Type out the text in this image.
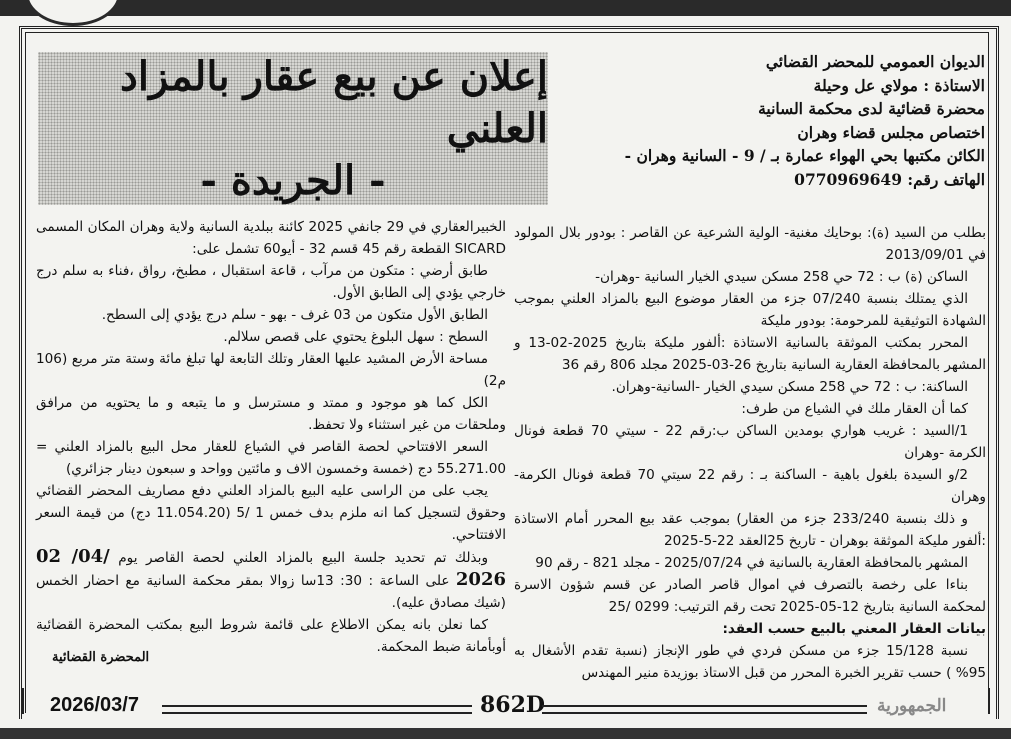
إعلان عن بيع عقار بالمزاد العلني
- الجريدة -
الديوان العمومي للمحضر القضائي
الاستاذة : مولاي عل وحيلة
محضرة قضائية لدى محكمة السانية
اختصاص مجلس قضاء وهران
الكائن مكتبها بحي الهواء عمارة بـ / 9 - السانية وهران -
الهاتف رقم: 0770969649

بطلب من السيد (ة): بوحايك مغنية- الولية الشرعية عن القاصر : بودور بلال المولود في 2013/09/01

الساكن (ة) ب : 72 حي 258 مسكن سيدي الخيار السانية -وهران-

الذي يمتلك بنسبة 07/240 جزء من العقار موضوع البيع بالمزاد العلني بموجب الشهادة التوثيقية للمرحومة: بودور مليكة

المحرر بمكتب الموثقة بالسانية الاستاذة :ألفور مليكة بتاريخ 2025-02-13 و المشهر بالمحافظة العقارية السانية بتاريخ 26-03-2025 مجلد 806 رقم 36

الساكنة: ب : 72 حي 258 مسكن سيدي الخيار -السانية-وهران.

كما أن العقار ملك في الشياع من طرف:

1/السيد : غريب هواري بومدين الساكن ب:رقم 22 - سيتي 70 قطعة فونال الكرمة -وهران

2/و السيدة بلغول باهية - الساكنة بـ : رقم 22 سيتي 70 قطعة فونال الكرمة- وهران

و ذلك بنسبة 233/240 جزء من العقار) بموجب عقد بيع المحرر أمام الاستاذة :ألفور مليكة الموثقة بوهران - تاريخ 25العقد 22-5-2025

المشهر بالمحافظة العقارية بالسانية في 2025/07/24 - مجلد 821 - رقم 90

بناءا على رخصة بالتصرف في اموال قاصر الصادر عن قسم شؤون الاسرة لمحكمة السانية بتاريخ 12-05-2025 تحت رقم الترتيب: 0299 /25

بيانات العقار المعني بالبيع حسب العقد:

نسبة 15/128 جزء من مسكن فردي في طور الإنجاز (نسبة تقدم الأشغال به 95% ) حسب تقرير الخبرة المحرر من قبل الاستاذ بوزيدة منير المهندس

الخبيرالعقاري في 29 جانفي 2025 كائنة ببلدية السانية ولاية وهران المكان المسمى SICARD القطعة رقم 45 قسم 32 - أيو60 تشمل على:

طابق أرضي : متكون من مرآب ، قاعة استقبال ، مطبخ، رواق ،فناء به سلم درج خارجي يؤدي إلى الطابق الأول.

الطابق الأول متكون من 03 غرف - بهو - سلم درج يؤدي إلى السطح.

السطح : سهل البلوغ يحتوي على قصص سلالم.

مساحة الأرض المشيد عليها العقار وتلك التابعة لها تبلغ مائة وستة متر مربع (106 م2)

الكل كما هو موجود و ممتد و مسترسل و ما يتبعه و ما يحتويه من مرافق وملحقات من غير استثناء ولا تحفظ.

السعر الافتتاحي لحصة القاصر في الشياع للعقار محل البيع بالمزاد العلني = 55.271.00 دج (خمسة وخمسون الاف و مائتين وواحد و سبعون دينار جزائري)

يجب على من الراسى عليه البيع بالمزاد العلني دفع مصاريف المحضر القضائي وحقوق لتسجيل كما انه ملزم بدف خمس 1 /5 (11.054.20 دج) من قيمة السعر الافتتاحي.

وبذلك تم تحديد جلسة البيع بالمزاد العلني لحصة القاصر يوم 02 /04/ 2026 على الساعة : 30: 13سا زوالا بمقر محكمة السانية مع احضار الخمس (شيك مصادق عليه).

كما نعلن بانه يمكن الاطلاع على قائمة شروط البيع بمكتب المحضرة القضائية أوبأمانة ضبط المحكمة.

المحضرة القضائية
2026/03/7	862D	الجمهورية
